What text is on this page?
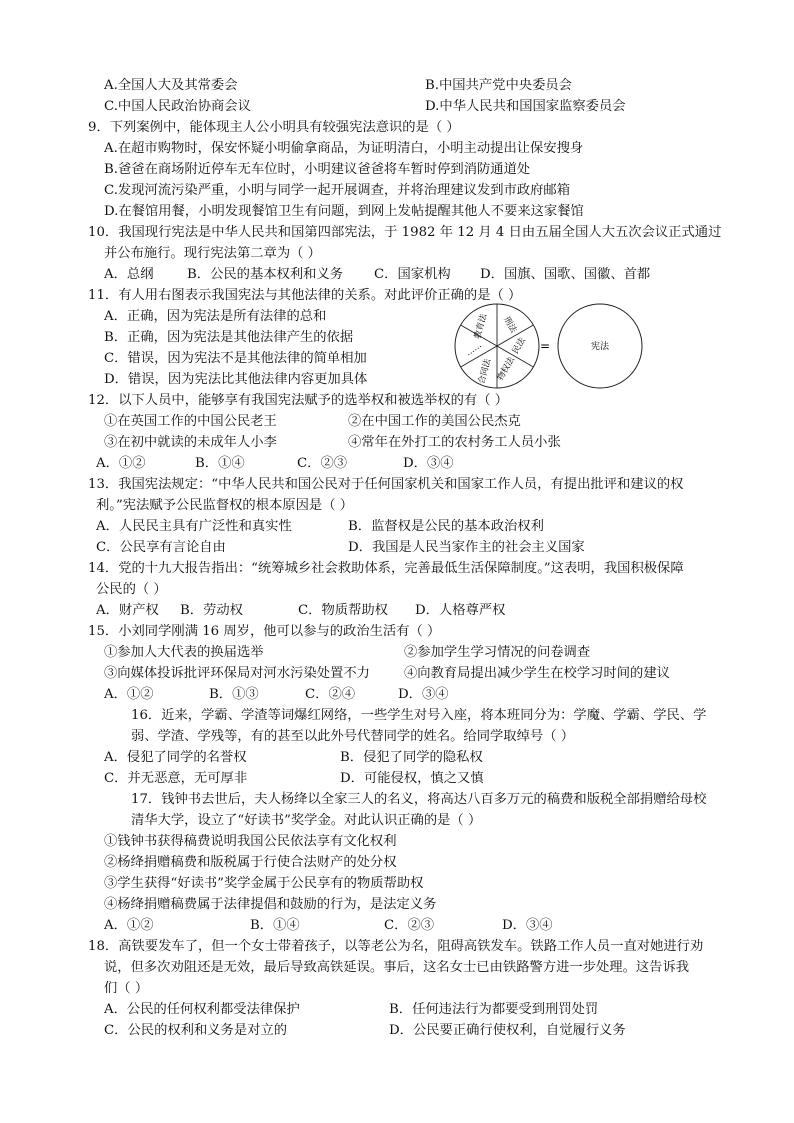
A.全国人大及其常委会	B.中国共产党中央委员会
C.中国人民政治协商会议	D.中华人民共和国国家监察委员会
9．下列案例中，能体现主人公小明具有较强宪法意识的是（ ）
A.在超市购物时，保安怀疑小明偷拿商品，为证明清白，小明主动提出让保安搜身
B.爸爸在商场附近停车无车位时，小明建议爸爸将车暂时停到消防通道处
C.发现河流污染严重，小明与同学一起开展调查，并将治理建议发到市政府邮箱
D.在餐馆用餐，小明发现餐馆卫生有问题，到网上发帖提醒其他人不要来这家餐馆
10．我国现行宪法是中华人民共和国第四部宪法，于 1982 年 12 月 4 日由五届全国人大五次会议正式通过
并公布施行。现行宪法第二章为（ ）
A．总纲	B．公民的基本权利和义务 C．国家机构 D．国旗、国歌、国徽、首都
11．有人用右图表示我国宪法与其他法律的关系。对此评价正确的是（ ）
A．正确，因为宪法是所有法律的总和
B．正确，因为宪法是其他法律产生的依据
C．错误，因为宪法不是其他法律的简单相加
D．错误，因为宪法比其他法律内容更加具体
刑法
民法
物权法
合同法
……
教育法
=	宪法
12．以下人员中，能够享有我国宪法赋予的选举权和被选举权的有（ ）
①在英国工作的中国公民老王	②在中国工作的美国公民杰克
③在初中就读的未成年人小李	④常年在外打工的农村务工人员小张
A．①②	B．①④	C．②③	D．③④
13．我国宪法规定：“中华人民共和国公民对于任何国家机关和国家工作人员，有提出批评和建议的权
利。”宪法赋予公民监督权的根本原因是（ ）
A．人民民主具有广泛性和真实性	B．监督权是公民的基本政治权利
C．公民享有言论自由	D．我国是人民当家作主的社会主义国家
14．党的十九大报告指出：“统筹城乡社会救助体系，完善最低生活保障制度。”这表明，我国积极保障
公民的（ ）
A．财产权 B．劳动权	C．物质帮助权 D．人格尊严权
15．小刘同学刚满 16 周岁，他可以参与的政治生活有（ ）
①参加人大代表的换届选举	②参加学生学习情况的问卷调查
③向媒体投诉批评环保局对河水污染处置不力	④向教育局提出减少学生在校学习时间的建议
A．①②	B．①③	C．②④	D．③④
16．近来，学霸、学渣等词爆红网络，一些学生对号入座，将本班同分为：学魔、学霸、学民、学
弱、学渣、学残等，有的甚至以此外号代替同学的姓名。给同学取绰号（ ）
A．侵犯了同学的名誉权	B．侵犯了同学的隐私权
C．并无恶意，无可厚非	D．可能侵权，慎之又慎
17．钱钟书去世后，夫人杨绛以全家三人的名义，将高达八百多万元的稿费和版税全部捐赠给母校
清华大学，设立了“好读书”奖学金。对此认识正确的是（ ）
①钱钟书获得稿费说明我国公民依法享有文化权利
②杨绛捐赠稿费和版税属于行使合法财产的处分权
③学生获得“好读书”奖学金属于公民享有的物质帮助权
④杨绛捐赠稿费属于法律提倡和鼓励的行为，是法定义务
A．①②	B．①④	C．②③	D．③④
18．高铁要发车了，但一个女士带着孩子，以等老公为名，阻碍高铁发车。铁路工作人员一直对她进行劝
说，但多次劝阻还是无效，最后导致高铁延误。事后，这名女士已由铁路警方进一步处理。这告诉我
们（ ）
A．公民的任何权利都受法律保护	B．任何违法行为都要受到刑罚处罚
C．公民的权利和义务是对立的	D．公民要正确行使权利，自觉履行义务
